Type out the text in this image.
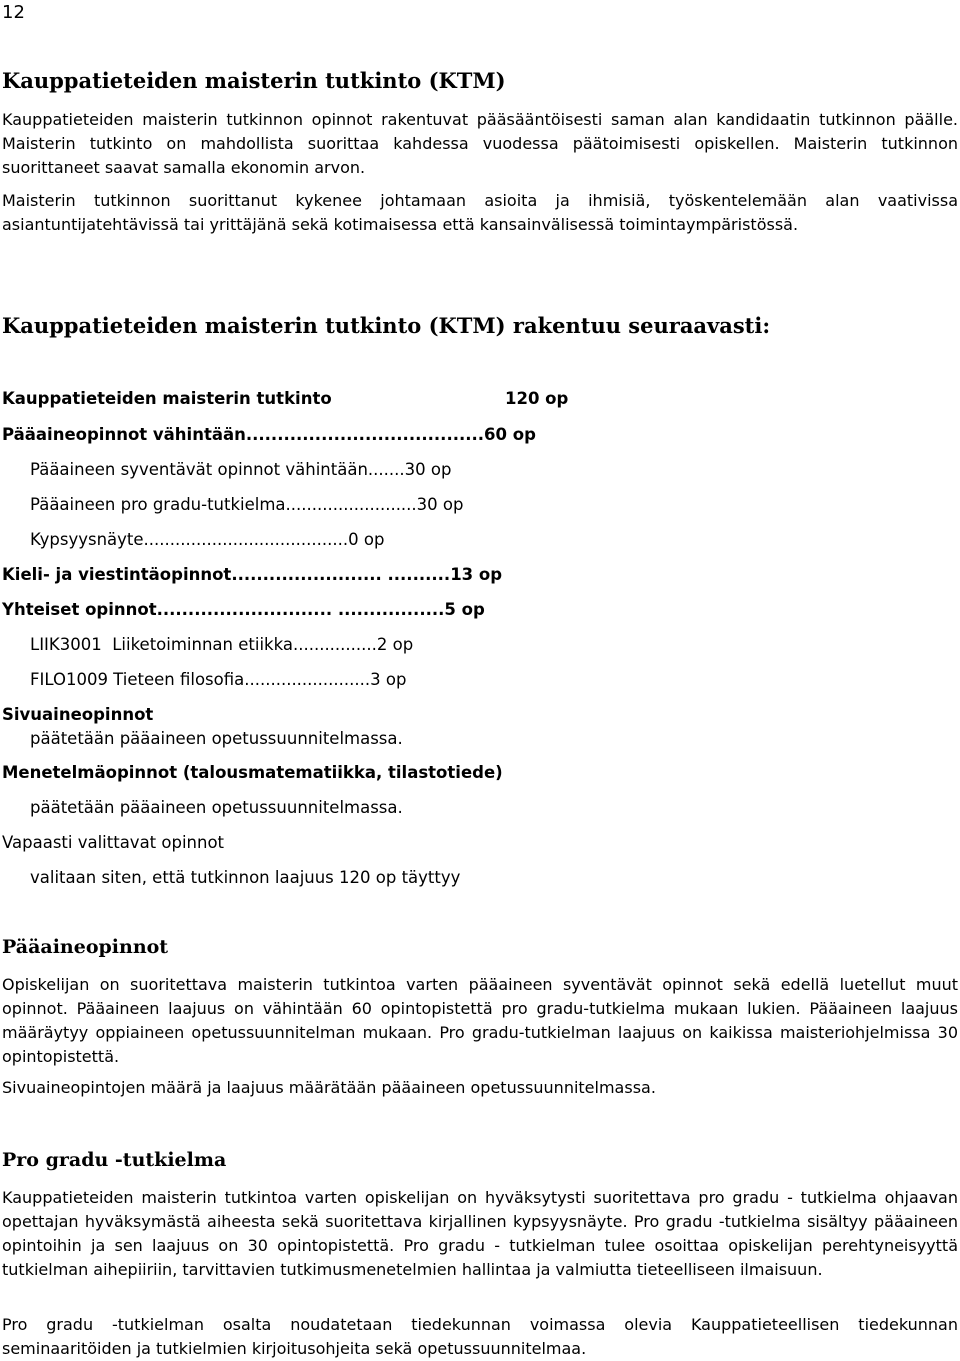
12
Kauppatieteiden maisterin tutkinto (KTM)

Kauppatieteiden maisterin tutkinnon opinnot rakentuvat pääsääntöisesti saman alan kandidaatin tutkinnon päälle. Maisterin tutkinto on mahdollista suorittaa kahdessa vuodessa päätoimisesti opiskellen. Maisterin tutkinnon suorittaneet saavat samalla ekonomin arvon.

Maisterin tutkinnon suorittanut kykenee johtamaan asioita ja ihmisiä, työskentelemään alan vaativissa asiantuntijatehtävissä tai yrittäjänä sekä kotimaisessa että kansainvälisessä toimintaympäristössä.

Kauppatieteiden maisterin tutkinto (KTM) rakentuu seuraavasti:
Kauppatieteiden maisterin tutkinto	120 op
Pääaineopinnot vähintään......................................60 op
Pääaineen syventävät opinnot vähintään.......30 op
Pääaineen pro gradu-tutkielma.........................30 op
Kypsyysnäyte.......................................0 op
Kieli- ja viestintäopinnot........................ ..........13 op
Yhteiset opinnot............................ .................5 op
LIIK3001  Liiketoiminnan etiikka................2 op
FILO1009 Tieteen filosofia........................3 op
Sivuaineopinnot
päätetään pääaineen opetussuunnitelmassa.
Menetelmäopinnot (talousmatematiikka, tilastotiede)
päätetään pääaineen opetussuunnitelmassa.
Vapaasti valittavat opinnot
valitaan siten, että tutkinnon laajuus 120 op täyttyy
Pääaineopinnot

Opiskelijan on suoritettava maisterin tutkintoa varten pääaineen syventävät opinnot sekä edellä luetellut muut opinnot. Pääaineen laajuus on vähintään 60 opintopistettä pro gradu-tutkielma mukaan lukien. Pääaineen laajuus määräytyy oppiaineen opetussuunnitelman mukaan. Pro gradu-tutkielman laajuus on kaikissa maisteriohjelmissa 30 opintopistettä.

Sivuaineopintojen määrä ja laajuus määrätään pääaineen opetussuunnitelmassa.

Pro gradu -tutkielma

Kauppatieteiden maisterin tutkintoa varten opiskelijan on hyväksytysti suoritettava pro gradu - tutkielma ohjaavan opettajan hyväksymästä aiheesta sekä suoritettava kirjallinen kypsyysnäyte. Pro gradu -tutkielma sisältyy pääaineen opintoihin ja sen laajuus on 30 opintopistettä. Pro gradu - tutkielman tulee osoittaa opiskelijan perehtyneisyyttä tutkielman aihepiiriin, tarvittavien tutkimusmenetelmien hallintaa ja valmiutta tieteelliseen ilmaisuun.

Pro gradu -tutkielman osalta noudatetaan tiedekunnan voimassa olevia Kauppatieteellisen tiedekunnan seminaaritöiden ja tutkielmien kirjoitusohjeita sekä opetussuunnitelmaa.
